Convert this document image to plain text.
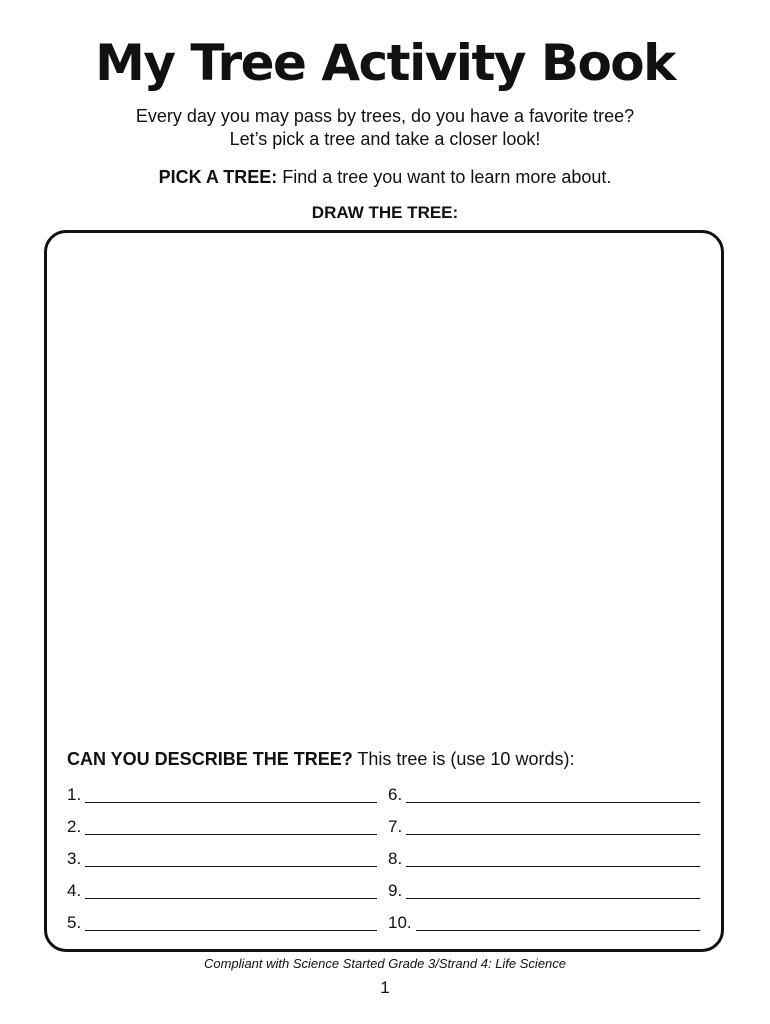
My Tree Activity Book
Every day you may pass by trees, do you have a favorite tree?
Let’s pick a tree and take a closer look!
PICK A TREE: Find a tree you want to learn more about.
DRAW THE TREE:
CAN YOU DESCRIBE THE TREE? This tree is (use 10 words):
1.
2.
3.
4.
5.
6.
7.
8.
9.
10.
Compliant with Science Started Grade 3/Strand 4: Life Science
1
